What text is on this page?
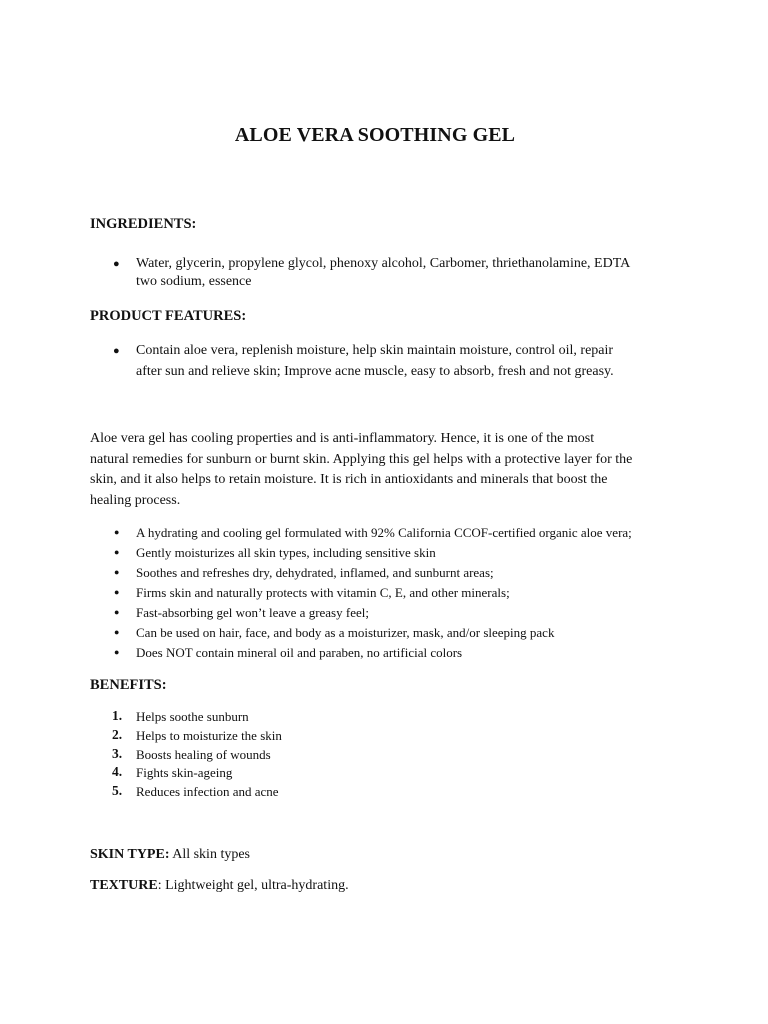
ALOE VERA SOOTHING GEL
INGREDIENTS:
● Water, glycerin, propylene glycol, phenoxy alcohol, Carbomer, thriethanolamine, EDTA
two sodium, essence
PRODUCT FEATURES:
● Contain aloe vera, replenish moisture, help skin maintain moisture, control oil, repair
after sun and relieve skin; Improve acne muscle, easy to absorb, fresh and not greasy.
Aloe vera gel has cooling properties and is anti-inflammatory. Hence, it is one of the most
natural remedies for sunburn or burnt skin. Applying this gel helps with a protective layer for the
skin, and it also helps to retain moisture. It is rich in antioxidants and minerals that boost the
healing process.
● A hydrating and cooling gel formulated with 92% California CCOF-certified organic aloe vera;
● Gently moisturizes all skin types, including sensitive skin
● Soothes and refreshes dry, dehydrated, inflamed, and sunburnt areas;
● Firms skin and naturally protects with vitamin C, E, and other minerals;
● Fast-absorbing gel won’t leave a greasy feel;
● Can be used on hair, face, and body as a moisturizer, mask, and/or sleeping pack
● Does NOT contain mineral oil and paraben, no artificial colors
BENEFITS:
1. Helps soothe sunburn
2. Helps to moisturize the skin
3. Boosts healing of wounds
4. Fights skin-ageing
5. Reduces infection and acne
SKIN TYPE: All skin types
TEXTURE: Lightweight gel, ultra-hydrating.
